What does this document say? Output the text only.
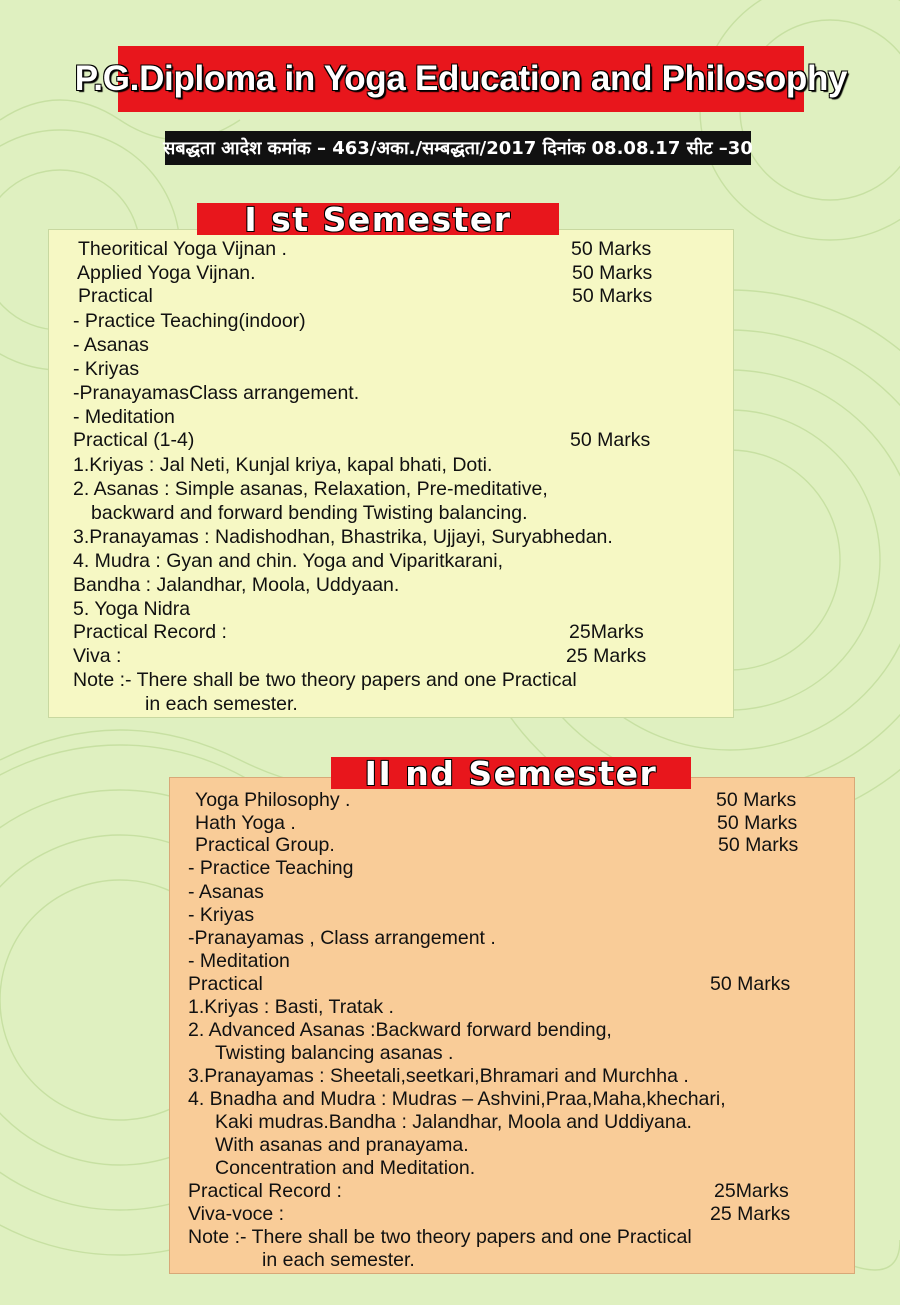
P.G.Diploma in Yoga Education and Philosophy
सबद्धता आदेश कमांक – 463/अका./सम्बद्धता/2017 दिनांक 08.08.17 सीट –30
I st Semester
Theoritical Yoga Vijnan .
Applied Yoga Vijnan.
Practical
- Practice Teaching(indoor)
- Asanas
- Kriyas
-PranayamasClass arrangement.
- Meditation
Practical (1-4)
1.Kriyas : Jal Neti, Kunjal kriya, kapal bhati, Doti.
2. Asanas : Simple asanas, Relaxation, Pre-meditative,
backward and forward bending Twisting balancing.
3.Pranayamas : Nadishodhan, Bhastrika, Ujjayi, Suryabhedan.
4. Mudra : Gyan and chin. Yoga and Viparitkarani,
Bandha : Jalandhar, Moola, Uddyaan.
5. Yoga Nidra
Practical Record :
Viva :
Note :- There shall be two theory papers and one Practical
in each semester.
50 Marks
50 Marks
50 Marks
50 Marks
25Marks
25 Marks
II nd Semester
Yoga Philosophy .
Hath Yoga .
Practical Group.
- Practice Teaching
- Asanas
- Kriyas
-Pranayamas , Class arrangement .
- Meditation
Practical
1.Kriyas : Basti, Tratak .
2. Advanced Asanas :Backward forward bending,
Twisting balancing asanas .
3.Pranayamas : Sheetali,seetkari,Bhramari and Murchha .
4. Bnadha and Mudra : Mudras – Ashvini,Praa,Maha,khechari,
Kaki mudras.Bandha : Jalandhar, Moola and Uddiyana.
With asanas and pranayama.
Concentration and Meditation.
Practical Record :
Viva-voce :
Note :- There shall be two theory papers and one Practical
in each semester.
50 Marks
50 Marks
50 Marks
50 Marks
25Marks
25 Marks
